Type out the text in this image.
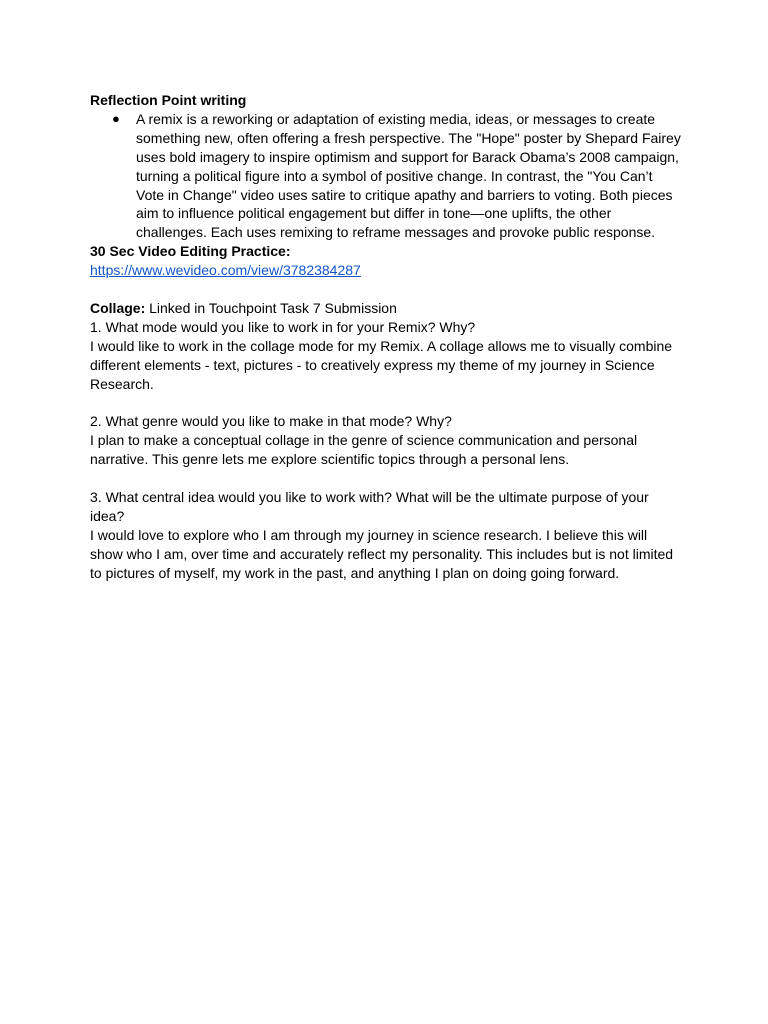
Reflection Point writing

● A remix is a reworking or adaptation of existing media, ideas, or messages to create something new, often offering a fresh perspective. The "Hope" poster by Shepard Fairey uses bold imagery to inspire optimism and support for Barack Obama’s 2008 campaign, turning a political figure into a symbol of positive change. In contrast, the "You Can’t Vote in Change" video uses satire to critique apathy and barriers to voting. Both pieces aim to influence political engagement but differ in tone—one uplifts, the other challenges. Each uses remixing to reframe messages and provoke public response.

30 Sec Video Editing Practice:

https://www.wevideo.com/view/3782384287

Collage: Linked in Touchpoint Task 7 Submission

1. What mode would you like to work in for your Remix? Why?

I would like to work in the collage mode for my Remix. A collage allows me to visually combine different elements - text, pictures - to creatively express my theme of my journey in Science Research.

2. What genre would you like to make in that mode? Why?

I plan to make a conceptual collage in the genre of science communication and personal narrative. This genre lets me explore scientific topics through a personal lens.

3. What central idea would you like to work with? What will be the ultimate purpose of your idea?

I would love to explore who I am through my journey in science research. I believe this will show who I am, over time and accurately reflect my personality. This includes but is not limited to pictures of myself, my work in the past, and anything I plan on doing going forward.
